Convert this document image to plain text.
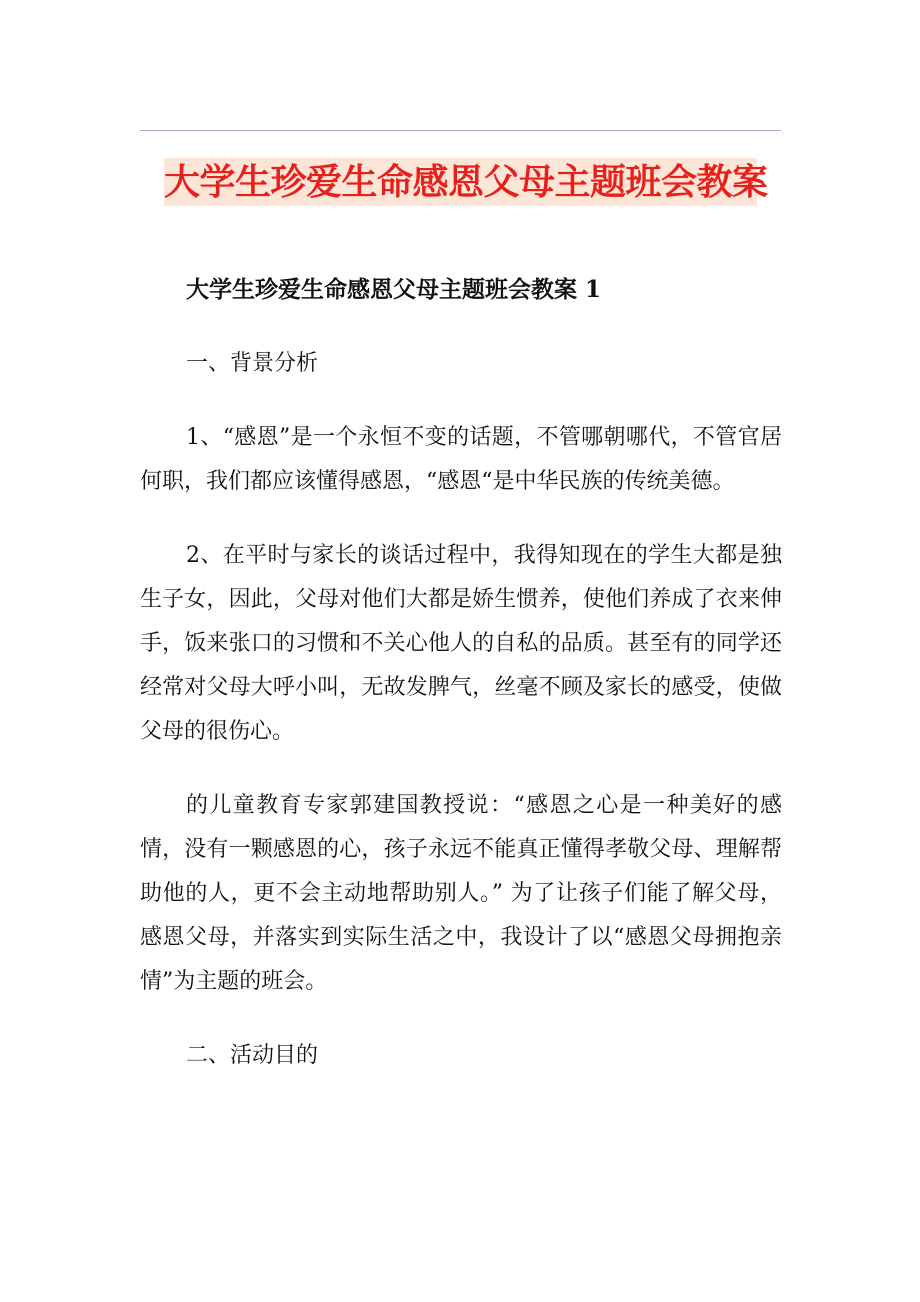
大学生珍爱生命感恩父母主题班会教案

大学生珍爱生命感恩父母主题班会教案 1

一、背景分析

1、“感恩”是一个永恒不变的话题，不管哪朝哪代，不管官居何职，我们都应该懂得感恩，“感恩“是中华民族的传统美德。

2、在平时与家长的谈话过程中，我得知现在的学生大都是独生子女，因此，父母对他们大都是娇生惯养，使他们养成了衣来伸手，饭来张口的习惯和不关心他人的自私的品质。甚至有的同学还经常对父母大呼小叫，无故发脾气，丝毫不顾及家长的感受，使做父母的很伤心。

的儿童教育专家郭建国教授说：“感恩之心是一种美好的感情，没有一颗感恩的心，孩子永远不能真正懂得孝敬父母、理解帮助他的人，更不会主动地帮助别人。” 为了让孩子们能了解父母，感恩父母，并落实到实际生活之中，我设计了以“感恩父母拥抱亲情”为主题的班会。

二、活动目的
